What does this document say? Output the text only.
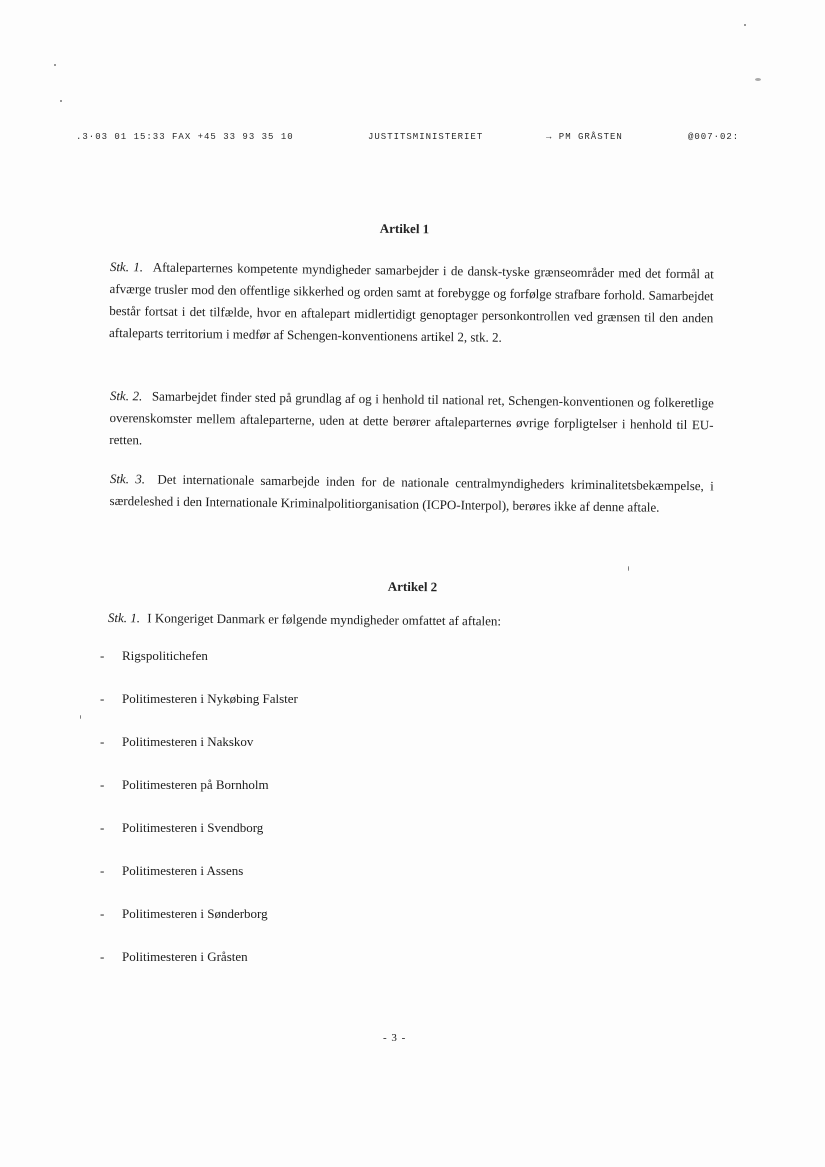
.3·03 01 15:33 FAX +45 33 93 35 10	JUSTITSMINISTERIET	→ PM GRÅSTEN	@007·02:
Artikel 1
Stk. 1. Aftaleparternes kompetente myndigheder samarbejder i de dansk-tyske grænseområder med det formål at afværge trusler mod den offentlige sikkerhed og orden samt at forebygge og forfølge strafbare forhold. Samarbejdet består fortsat i det tilfælde, hvor en aftalepart midlertidigt genoptager personkontrollen ved grænsen til den anden aftaleparts territorium i medfør af Schengen-konventionens artikel 2, stk. 2.
Stk. 2. Samarbejdet finder sted på grundlag af og i henhold til national ret, Schengen-konventionen og folkeretlige overenskomster mellem aftaleparterne, uden at dette berører aftaleparternes øvrige forpligtelser i henhold til EU-retten.
Stk. 3. Det internationale samarbejde inden for de nationale centralmyndigheders kriminalitetsbekæmpelse, i særdeleshed i den Internationale Kriminalpolitiorganisation (ICPO-Interpol), berøres ikke af denne aftale.
Artikel 2
Stk. 1. I Kongeriget Danmark er følgende myndigheder omfattet af aftalen:
-	Rigspolitichefen
-	Politimesteren i Nykøbing Falster
-	Politimesteren i Nakskov
-	Politimesteren på Bornholm
-	Politimesteren i Svendborg
-	Politimesteren i Assens
-	Politimesteren i Sønderborg
-	Politimesteren i Gråsten
- 3 -
